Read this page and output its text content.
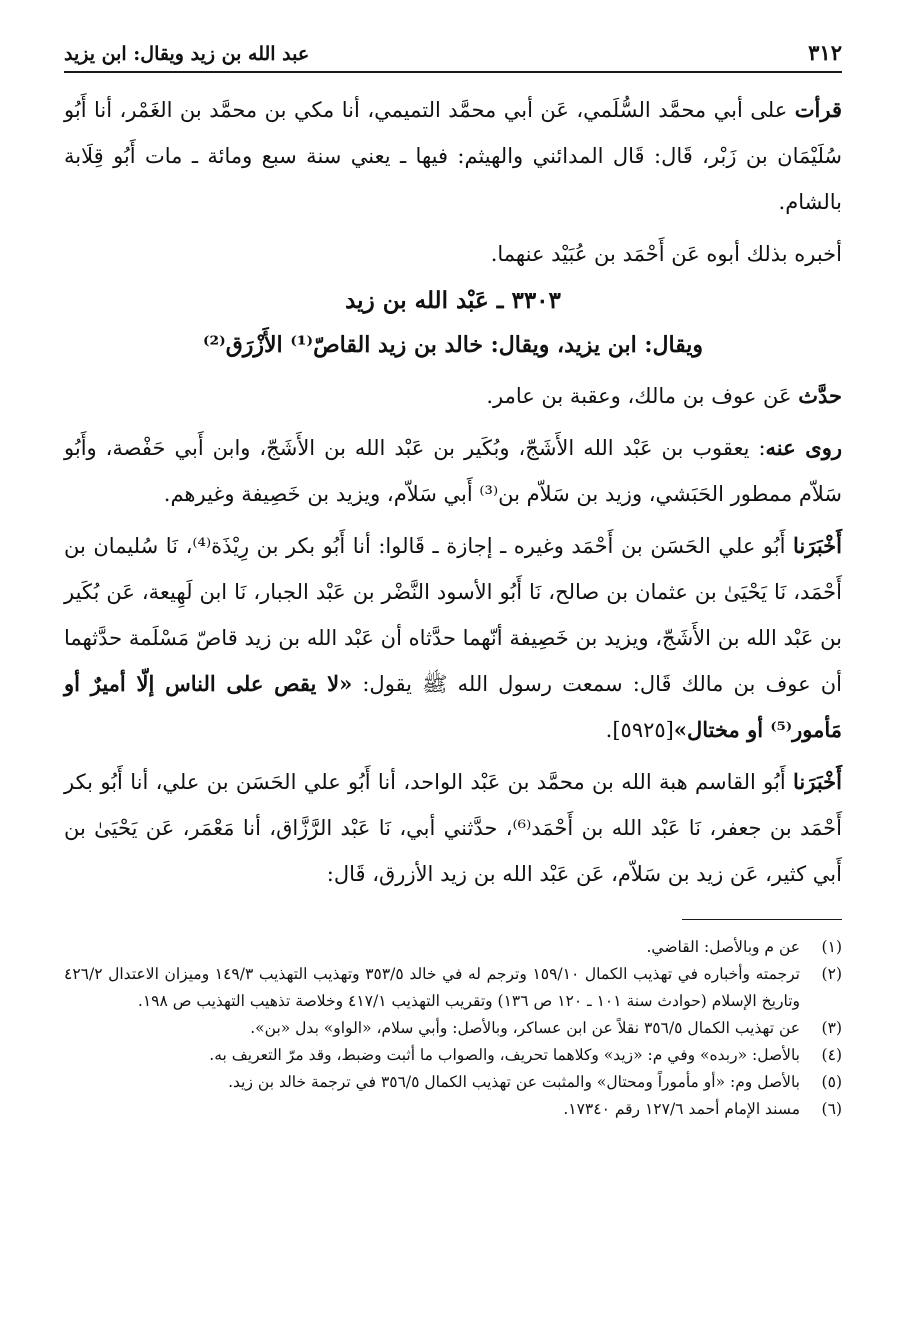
٣١٢
عبد الله بن زيد ويقال: ابن يزيد

قرأت على أبي محمَّد السُّلَمي، عَن أبي محمَّد التميمي، أنا مكي بن محمَّد بن الغَمْر، أنا أَبُو سُلَيْمَان بن زَبْر، قَال: قَال المدائني والهيثم: فيها ـ يعني سنة سبع ومائة ـ مات أَبُو قِلَابة بالشام.

أخبره بذلك أبوه عَن أَحْمَد بن عُبَيْد عنهما.

٣٣٠٣ ـ عَبْد الله بن زيد

ويقال: ابن يزيد، ويقال: خالد بن زيد القاصّ⁽¹⁾ الأَزْرَق⁽²⁾

حدَّث عَن عوف بن مالك، وعقبة بن عامر.

روى عنه: يعقوب بن عَبْد الله الأَشَجّ، وبُكَير بن عَبْد الله بن الأَشَجّ، وابن أَبي حَفْصة، وأَبُو سَلاّم ممطور الحَبَشي، وزيد بن سَلاّم بن⁽³⁾ أَبي سَلاّم، ويزيد بن خَصِيفة وغيرهم.

أَخْبَرَنا أَبُو علي الحَسَن بن أَحْمَد وغيره ـ إجازة ـ قَالوا: أنا أَبُو بكر بن رِيْذَة⁽⁴⁾، نَا سُليمان بن أَحْمَد، نَا يَحْيَىٰ بن عثمان بن صالح، نَا أَبُو الأسود النَّضْر بن عَبْد الجبار، نَا ابن لَهِيعة، عَن بُكَير بن عَبْد الله بن الأَشَجّ، ويزيد بن خَصِيفة أنّهما حدَّثاه أن عَبْد الله بن زيد قاصّ مَسْلَمة حدَّثهما أن عوف بن مالك قَال: سمعت رسول الله ﷺ يقول: «لا يقص على الناس إلّا أميرٌ أو مَأمور⁽⁵⁾ أو مختال»[٥٩٢٥].

أَخْبَرَنا أَبُو القاسم هبة الله بن محمَّد بن عَبْد الواحد، أنا أَبُو علي الحَسَن بن علي، أنا أَبُو بكر أَحْمَد بن جعفر، نَا عَبْد الله بن أَحْمَد⁽⁶⁾، حدَّثني أبي، نَا عَبْد الرَّزَّاق، أنا مَعْمَر، عَن يَحْيَىٰ بن أَبي كثير، عَن زيد بن سَلاّم، عَن عَبْد الله بن زيد الأزرق، قَال:

(١)
عن م وبالأصل: القاضي.
(٢)
ترجمته وأخباره في تهذيب الكمال ١٥٩/١٠ وترجم له في خالد ٣٥٣/٥ وتهذيب التهذيب ١٤٩/٣ وميزان الاعتدال ٤٢٦/٢ وتاريخ الإسلام (حوادث سنة ١٠١ ـ ١٢٠ ص ١٣٦) وتقريب التهذيب ٤١٧/١ وخلاصة تذهيب التهذيب ص ١٩٨.
(٣)
عن تهذيب الكمال ٣٥٦/٥ نقلاً عن ابن عساكر، وبالأصل: وأبي سلام، «الواو» بدل «بن».
(٤)
بالأصل: «ربده» وفي م: «زيد» وكلاهما تحريف، والصواب ما أثبت وضبط، وقد مرّ التعريف به.
(٥)
بالأصل وم: «أو مأموراً ومحتال» والمثبت عن تهذيب الكمال ٣٥٦/٥ في ترجمة خالد بن زيد.
(٦)
مسند الإمام أحمد ١٢٧/٦ رقم ١٧٣٤٠.
